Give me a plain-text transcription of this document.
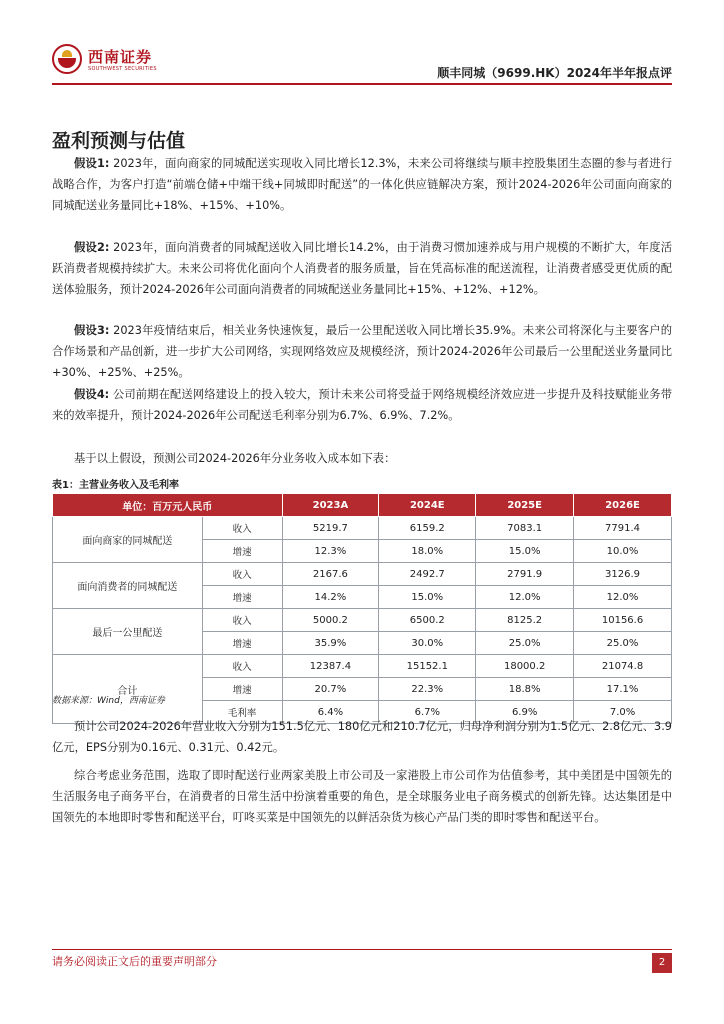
西南证券
SOUTHWEST SECURITIES	顺丰同城（9699.HK）2024年半年报点评
盈利预测与估值
假设1: 2023年，面向商家的同城配送实现收入同比增长12.3%，未来公司将继续与顺丰控股集团生态圈的参与者进行战略合作，为客户打造“前端仓储+中端干线+同城即时配送”的一体化供应链解决方案，预计2024-2026年公司面向商家的同城配送业务量同比+18%、+15%、+10%。
假设2: 2023年，面向消费者的同城配送收入同比增长14.2%，由于消费习惯加速养成与用户规模的不断扩大，年度活跃消费者规模持续扩大。未来公司将优化面向个人消费者的服务质量，旨在凭高标准的配送流程，让消费者感受更优质的配送体验服务，预计2024-2026年公司面向消费者的同城配送业务量同比+15%、+12%、+12%。
假设3: 2023年疫情结束后，相关业务快速恢复，最后一公里配送收入同比增长35.9%。未来公司将深化与主要客户的合作场景和产品创新，进一步扩大公司网络，实现网络效应及规模经济，预计2024-2026年公司最后一公里配送业务量同比+30%、+25%、+25%。
假设4: 公司前期在配送网络建设上的投入较大，预计未来公司将受益于网络规模经济效应进一步提升及科技赋能业务带来的效率提升，预计2024-2026年公司配送毛利率分别为6.7%、6.9%、7.2%。
基于以上假设，预测公司2024-2026年分业务收入成本如下表：
表1：主营业务收入及毛利率
单位：百万元人民币		2023A	2024E	2025E	2026E
面向商家的同城配送	收入	5219.7	6159.2	7083.1	7791.4
	增速	12.3%	18.0%	15.0%	10.0%
面向消费者的同城配送	收入	2167.6	2492.7	2791.9	3126.9
	增速	14.2%	15.0%	12.0%	12.0%
最后一公里配送	收入	5000.2	6500.2	8125.2	10156.6
	增速	35.9%	30.0%	25.0%	25.0%
合计	收入	12387.4	15152.1	18000.2	21074.8
	增速	20.7%	22.3%	18.8%	17.1%
	毛利率	6.4%	6.7%	6.9%	7.0%
数据来源：Wind，西南证券
预计公司2024-2026年营业收入分别为151.5亿元、180亿元和210.7亿元，归母净利润分别为1.5亿元、2.8亿元、3.9亿元，EPS分别为0.16元、0.31元、0.42元。
综合考虑业务范围，选取了即时配送行业两家美股上市公司及一家港股上市公司作为估值参考，其中美团是中国领先的生活服务电子商务平台，在消费者的日常生活中扮演着重要的角色，是全球服务业电子商务模式的创新先锋。达达集团是中国领先的本地即时零售和配送平台，叮咚买菜是中国领先的以鲜活杂货为核心产品门类的即时零售和配送平台。
请务必阅读正文后的重要声明部分	2
